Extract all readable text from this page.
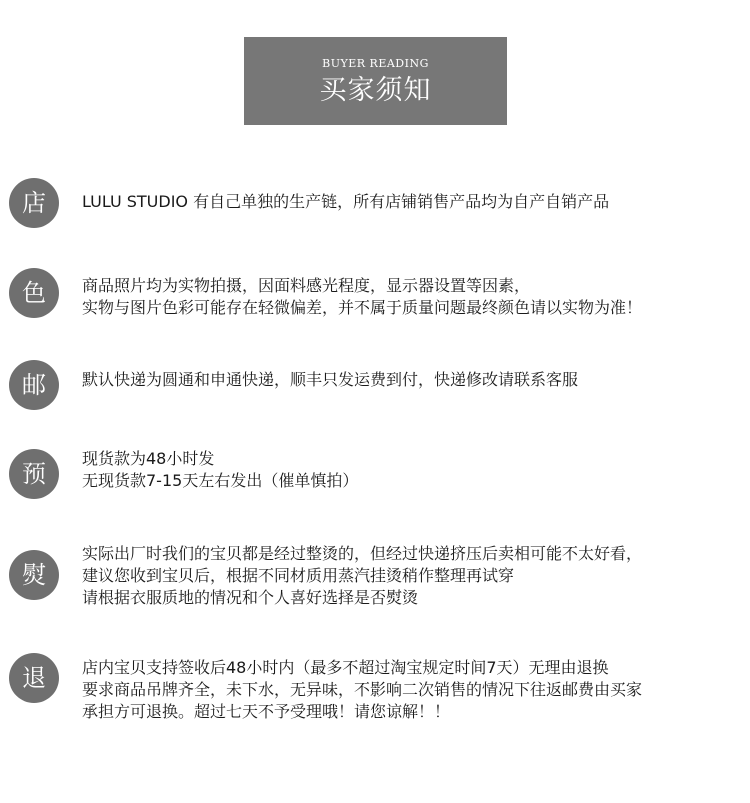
BUYER READING
买家须知
店	LULU STUDIO 有自己单独的生产链，所有店铺销售产品均为自产自销产品
色	商品照片均为实物拍摄，因面料感光程度，显示器设置等因素，
实物与图片色彩可能存在轻微偏差，并不属于质量问题最终颜色请以实物为准！
邮	默认快递为圆通和申通快递，顺丰只发运费到付，快递修改请联系客服
预
现货款为48小时发
无现货款7-15天左右发出（催单慎拍）
熨
实际出厂时我们的宝贝都是经过整烫的，但经过快递挤压后卖相可能不太好看，
建议您收到宝贝后，根据不同材质用蒸汽挂烫稍作整理再试穿
请根据衣服质地的情况和个人喜好选择是否熨烫
退	店内宝贝支持签收后48小时内（最多不超过淘宝规定时间7天）无理由退换
要求商品吊牌齐全，未下水，无异味，不影响二次销售的情况下往返邮费由买家
承担方可退换。超过七天不予受理哦！请您谅解！！
